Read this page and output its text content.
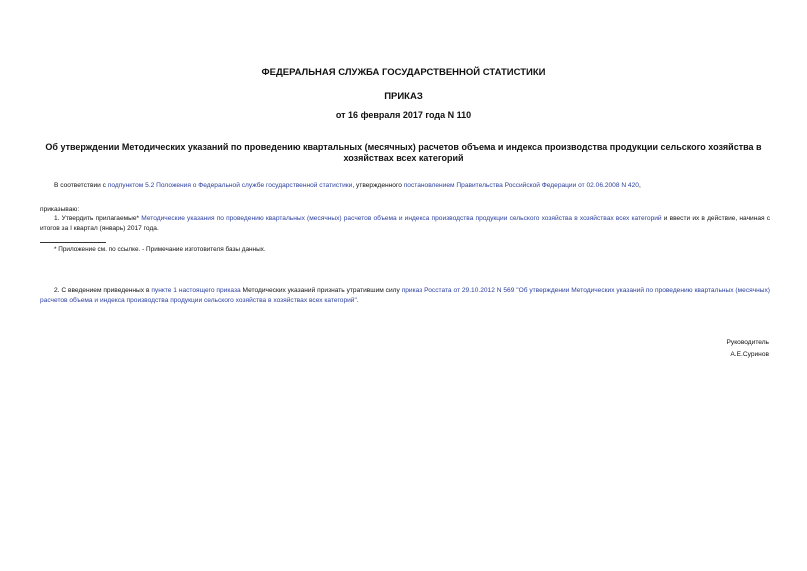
ФЕДЕРАЛЬНАЯ СЛУЖБА ГОСУДАРСТВЕННОЙ СТАТИСТИКИ
ПРИКАЗ
от 16 февраля 2017 года N 110
Об утверждении Методических указаний по проведению квартальных (месячных) расчетов объема и индекса производства продукции сельского хозяйства в хозяйствах всех категорий
В соответствии с подпунктом 5.2 Положения о Федеральной службе государственной статистики, утвержденного постановлением Правительства Российской Федерации от 02.06.2008 N 420,
приказываю:
1. Утвердить прилагаемые* Методические указания по проведению квартальных (месячных) расчетов объема и индекса производства продукции сельского хозяйства в хозяйствах всех категорий и ввести их в действие, начиная с итогов за I квартал (январь) 2017 года.
* Приложение см. по ссылке. - Примечание изготовителя базы данных.
2. С введением приведенных в пункте 1 настоящего приказа Методических указаний признать утратившим силу приказ Росстата от 29.10.2012 N 569 "Об утверждении Методических указаний по проведению квартальных (месячных) расчетов объема и индекса производства продукции сельского хозяйства в хозяйствах всех категорий".
Руководитель
А.Е.Суринов
